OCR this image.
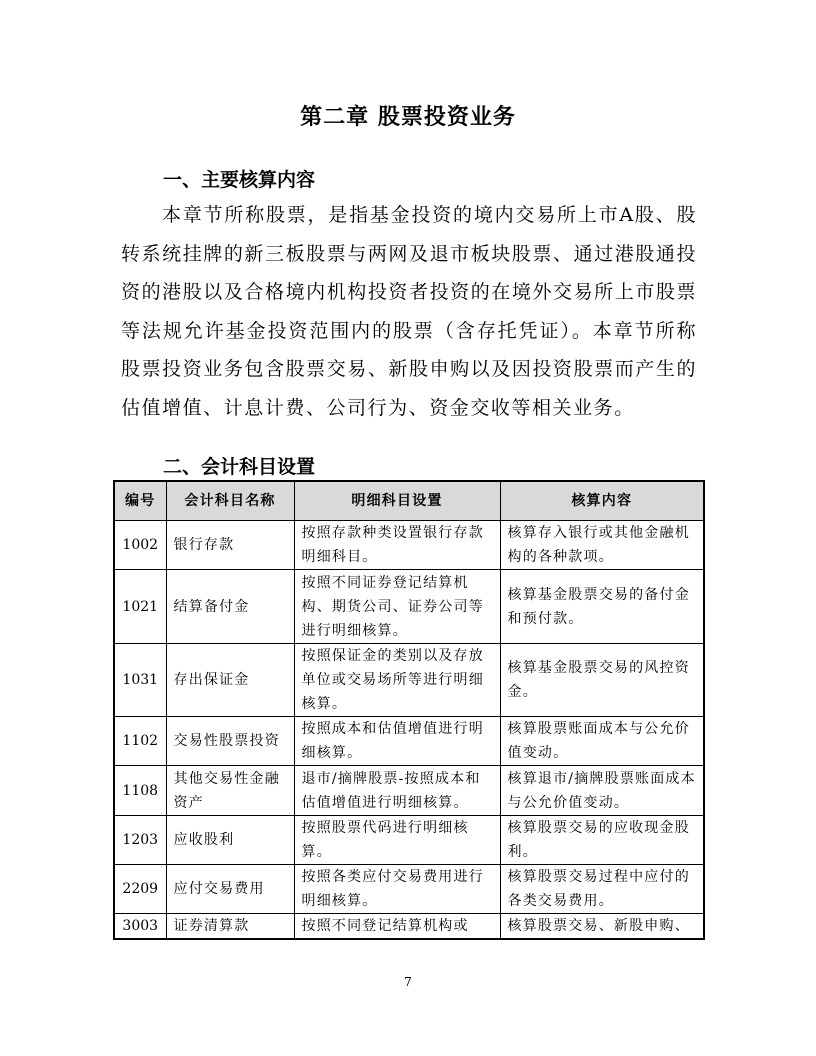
第二章 股票投资业务
一、主要核算内容

本章节所称股票，是指基金投资的境内交易所上市A股、股转系统挂牌的新三板股票与两网及退市板块股票、通过港股通投资的港股以及合格境内机构投资者投资的在境外交易所上市股票等法规允许基金投资范围内的股票（含存托凭证）。本章节所称股票投资业务包含股票交易、新股申购以及因投资股票而产生的估值增值、计息计费、公司行为、资金交收等相关业务。

二、会计科目设置
编号	会计科目名称	明细科目设置	核算内容
1002	银行存款	按照存款种类设置银行存款明细科目。	核算存入银行或其他金融机构的各种款项。
1021	结算备付金	按照不同证券登记结算机构、期货公司、证券公司等进行明细核算。	核算基金股票交易的备付金和预付款。
1031	存出保证金	按照保证金的类别以及存放单位或交易场所等进行明细核算。	核算基金股票交易的风控资金。
1102	交易性股票投资	按照成本和估值增值进行明细核算。	核算股票账面成本与公允价值变动。
1108	其他交易性金融资产	退市/摘牌股票-按照成本和估值增值进行明细核算。	核算退市/摘牌股票账面成本与公允价值变动。
1203	应收股利	按照股票代码进行明细核算。	核算股票交易的应收现金股利。
2209	应付交易费用	按照各类应付交易费用进行明细核算。	核算股票交易过程中应付的各类交易费用。
3003	证券清算款	按照不同登记结算机构或	核算股票交易、新股申购、
7
